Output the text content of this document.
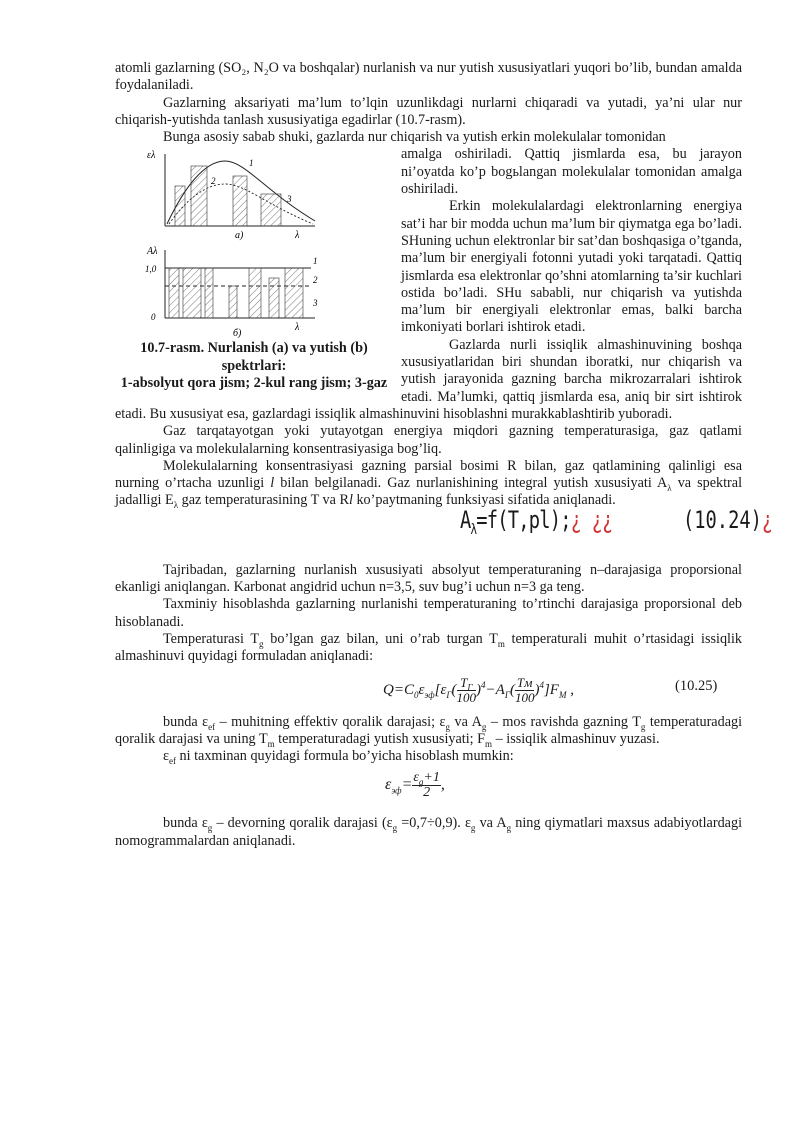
atomli gazlarning (SO₂, N₂O va boshqalar) nurlanish va nur yutish xususiyatlari yuqori bo’lib, bundan amalda foydalaniladi.

Gazlarning aksariyati ma’lum to’lqin uzunlikdagi nurlarni chiqaradi va yutadi, ya’ni ular nur chiqarish-yutishda tanlash xususiyatiga egadirlar (10.7-rasm).

Bunga asosiy sabab shuki, gazlarda nur chiqarish va yutish erkin molekulalar tomonidan

ελ
λ
a)
1
2
3
Aλ
1,0
0
λ
б)
1
2
3
10.7-rasm. Nurlanish (a) va yutish (b) spektrlari:
1-absolyut qora jism; 2-kul rang jism; 3-gaz

amalga oshiriladi. Qattiq jismlarda esa, bu jarayon ni’oyatda ko’p bogьlangan molekulalar tomonidan amalga oshiriladi.

Erkin molekulalardagi elektronlarning energiya sat’i har bir modda uchun ma’lum bir qiymatga ega bo’ladi. SHuning uchun elektronlar bir sat’dan boshqasiga o’tganda, ma’lum bir energiyali fotonni yutadi yoki tarqatadi. Qattiq jismlarda esa elektronlar qo’shni atomlarning ta’sir kuchlari ostida bo’ladi. SHu sababli, nur chiqarish va yutishda ma’lum bir energiyali elektronlar emas, balki barcha imkoniyati borlari ishtirok etadi.

Gazlarda nurli issiqlik almashinuvining boshqa xususiyatlaridan biri shundan iboratki, nur chiqarish va yutish jarayonida gazning barcha mikrozarralari ishtirok etadi. Ma’lumki, qattiq jismlarda esa, aniq bir sirt ishtirok etadi. Bu xususiyat esa, gazlardagi issiqlik almashinuvini hisoblashni murakkablashtirib yuboradi.

Gaz tarqatayotgan yoki yutayotgan energiya miqdori gazning temperaturasiga, gaz qatlami qalinligiga va molekulalarning konsentrasiyasiga bog’liq.

Molekulalarning konsentrasiyasi gazning parsial bosimi R bilan, gaz qatlamining qalinligi esa nurning o’rtacha uzunligi l bilan belgilanadi. Gaz nurlanishining integral yutish xususiyati $A_\lambda$ va spektral jadalligi $E_\lambda$ gaz temperaturasining T va Rl ko’paytmaning funksiyasi sifatida aniqlanadi.

$A_\lambda=f(T,pl);¿$ ¿¿	(10.24)¿

Tajribadan, gazlarning nurlanish xususiyati absolyut temperaturaning n–darajasiga proporsional ekanligi aniqlangan. Karbonat angidrid uchun n=3,5, suv bug’i uchun n=3 ga teng.

Taxminiy hisoblashda gazlarning nurlanishi temperaturaning to’rtinchi darajasiga proporsional deb hisoblanadi.

Temperaturasi $T_g$ bo’lgan gaz bilan, uni o’rab turgan $T_m$ temperaturali muhit o’rtasidagi issiqlik almashinuvi quyidagi formuladan aniqlanadi:

$Q=C_0\varepsilon_{эф}[\varepsilon_Г( \frac{T_Г}{100} )^4-A_Г( \frac{Tм}{100} )^4]F_M$ ,	(10.25)

bunda $\varepsilon_{ef}$ – muhitning effektiv qoralik darajasi; $\varepsilon_g$ va $A_g$ – mos ravishda gazning $T_g$ temperaturadagi qoralik darajasi va uning $T_m$ temperaturadagi yutish xususiyati; $F_m$ – issiqlik almashinuv yuzasi.

$\varepsilon_{ef}$ ni taxminan quyidagi formula bo’yicha hisoblash mumkin:

$\varepsilon_{эф}= \frac{\varepsilon_g+1}{2}$ ,

bunda $\varepsilon_g$ – devorning qoralik darajasi $(\varepsilon_g =0,7\div 0,9)$. $\varepsilon_g$ va $A_g$ ning qiymatlari maxsus adabiyotlardagi nomogrammalardan aniqlanadi.
